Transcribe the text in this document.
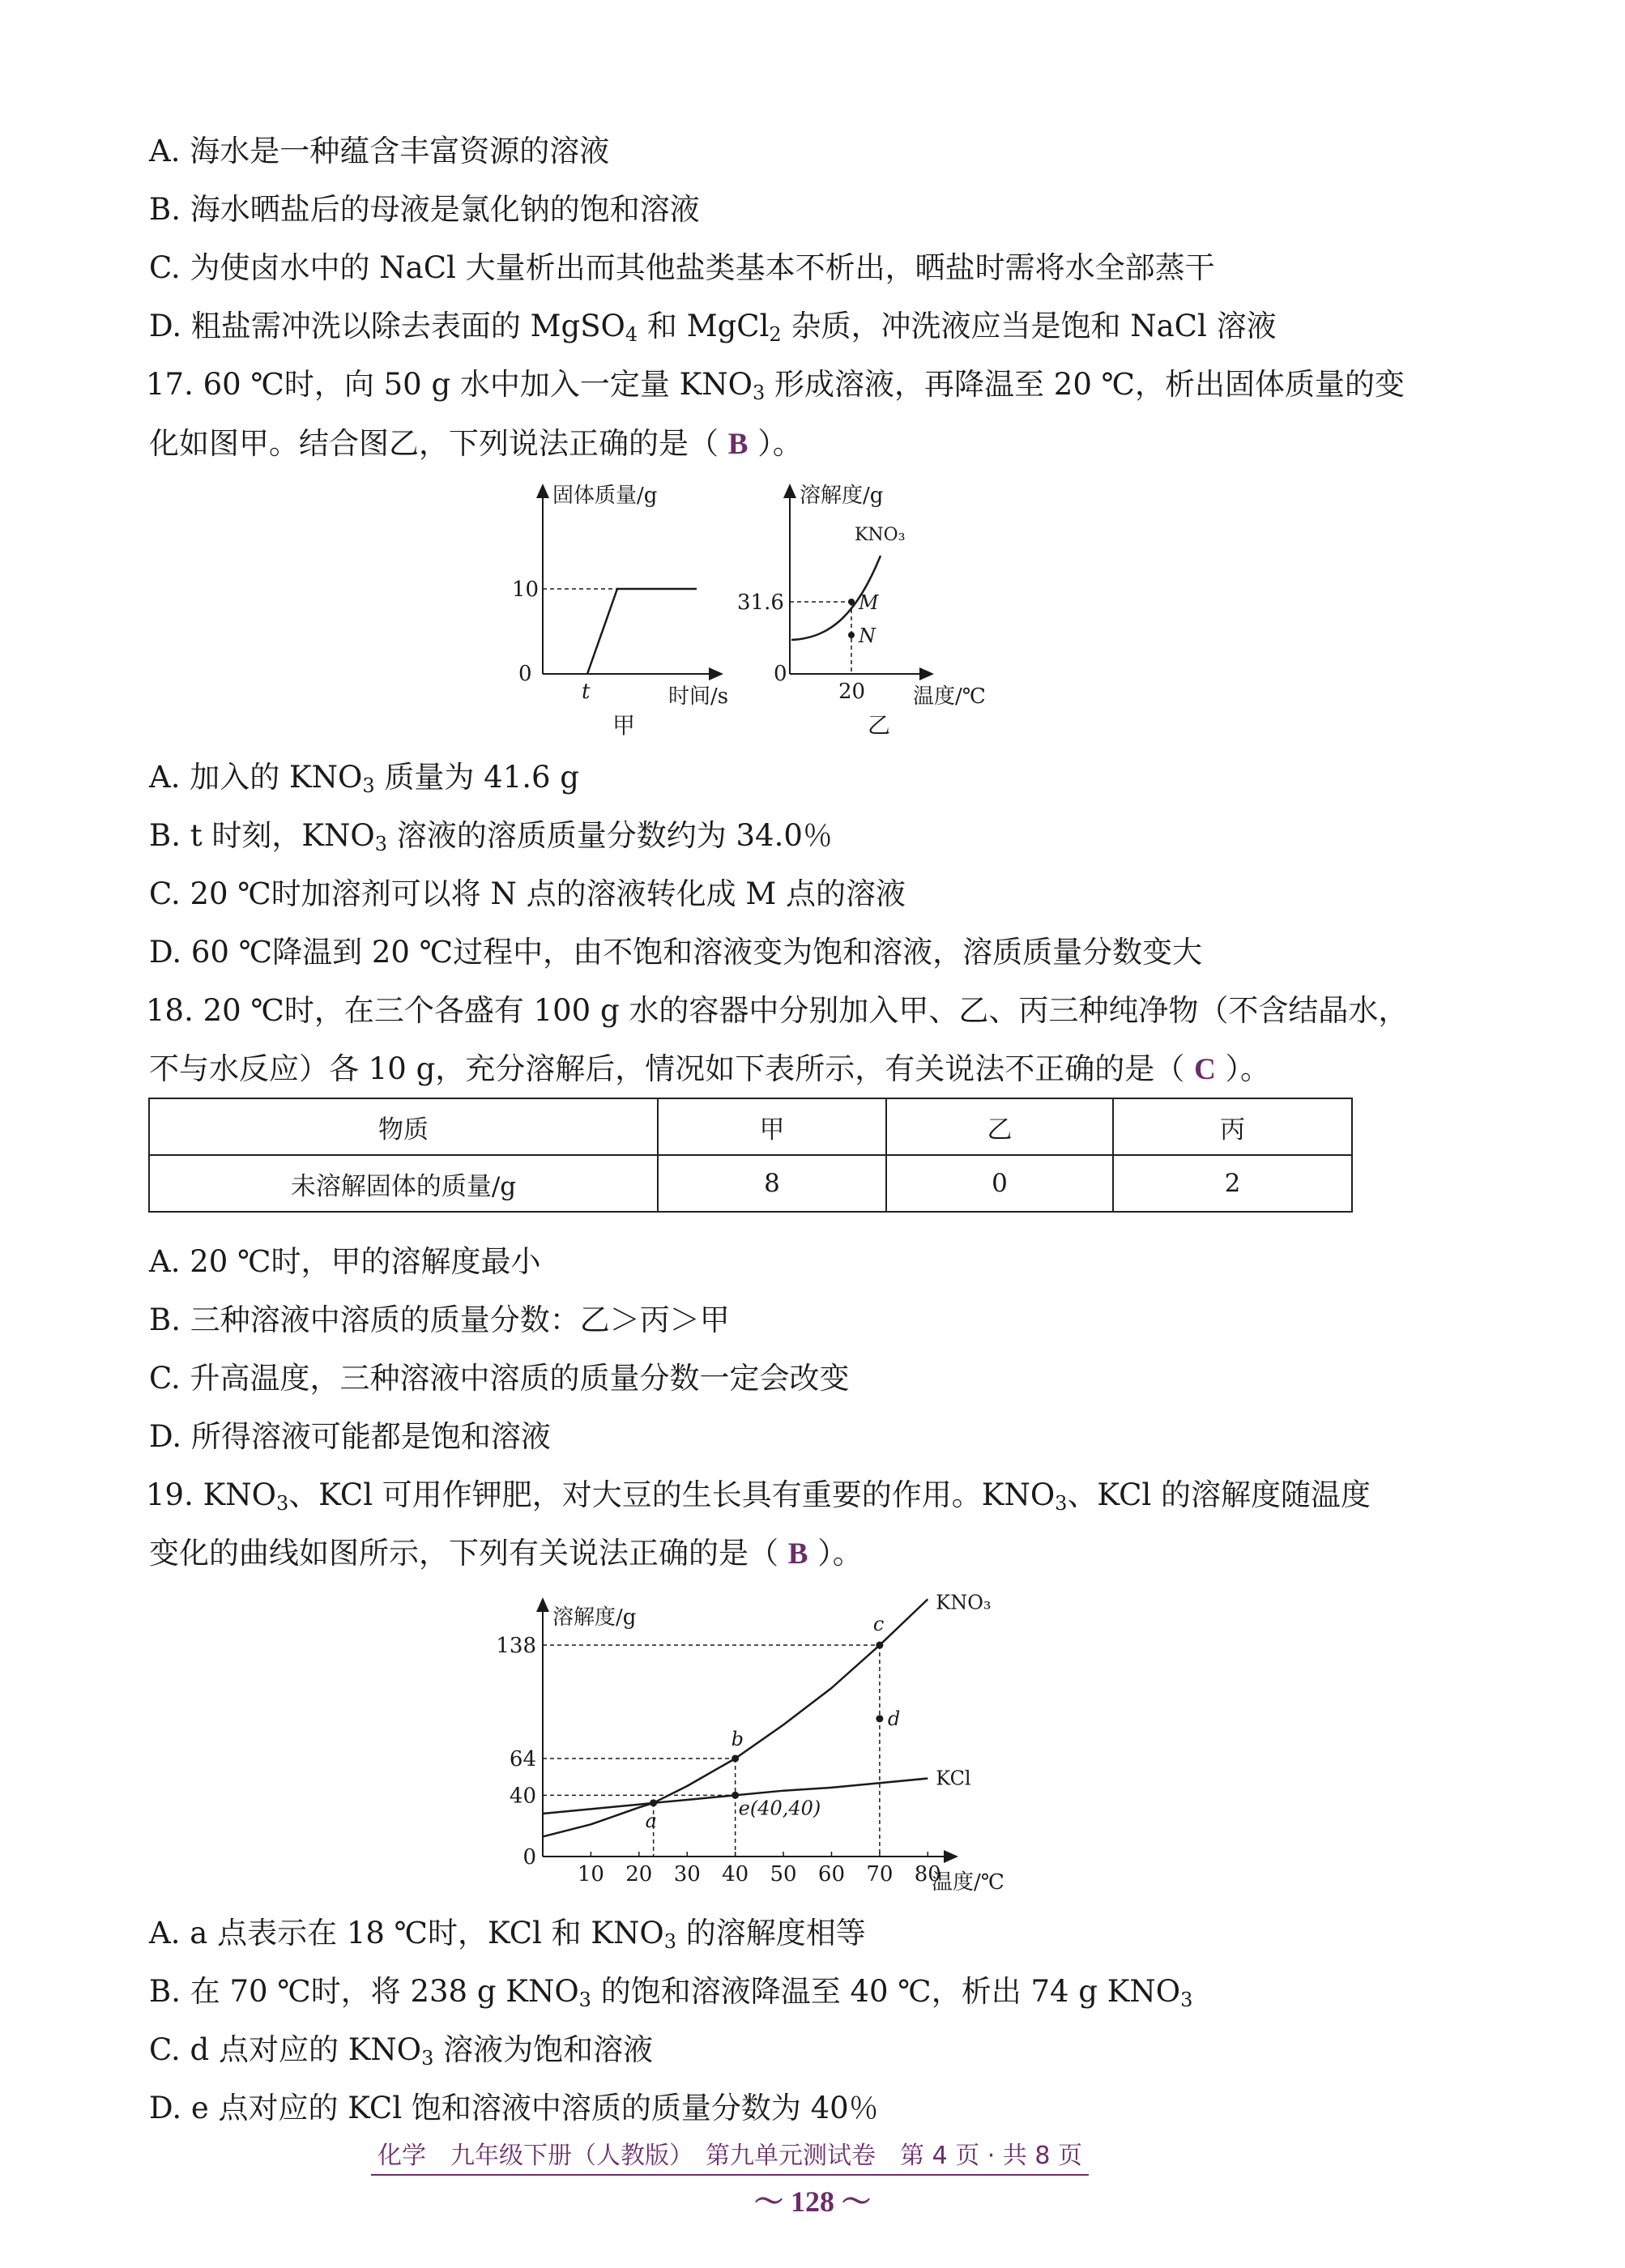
A. 海水是一种蕴含丰富资源的溶液
B. 海水晒盐后的母液是氯化钠的饱和溶液
C. 为使卤水中的 NaCl 大量析出而其他盐类基本不析出，晒盐时需将水全部蒸干
D. 粗盐需冲洗以除去表面的 MgSO$_4$ 和 MgCl$_2$ 杂质，冲洗液应当是饱和 NaCl 溶液
17. 60 ℃时，向 50 g 水中加入一定量 $KNO_3$ 形成溶液，再降温至 20 ℃，析出固体质量的变
化如图甲。结合图乙，下列说法正确的是（ B ）。
固体质量/g
时间/s
10
0
t
甲
溶解度/g
温度/℃
KNO₃
31.6
0
20
M
N
乙
A. 加入的 $KNO_3$ 质量为 41.6 g
B. t 时刻，$KNO_3$ 溶液的溶质质量分数约为 34.0％
C. 20 ℃时加溶剂可以将 N 点的溶液转化成 M 点的溶液
D. 60 ℃降温到 20 ℃过程中，由不饱和溶液变为饱和溶液，溶质质量分数变大
18. 20 ℃时，在三个各盛有 100 g 水的容器中分别加入甲、乙、丙三种纯净物（不含结晶水，
不与水反应）各 10 g，充分溶解后，情况如下表所示，有关说法不正确的是（ C ）。
物质	甲	乙	丙
未溶解固体的质量/g	8	0	2
A. 20 ℃时，甲的溶解度最小
B. 三种溶液中溶质的质量分数：乙＞丙＞甲
C. 升高温度，三种溶液中溶质的质量分数一定会改变
D. 所得溶液可能都是饱和溶液
19. $KNO_3$、KCl 可用作钾肥，对大豆的生长具有重要的作用。$KNO_3$、KCl 的溶解度随温度
变化的曲线如图所示，下列有关说法正确的是（ B ）。
溶解度/g
温度/℃
10 20 30 40 50 60 70 80
0
40
64
138
KNO₃
KCl
a
b
c
d
e(40,40)
A. a 点表示在 18 ℃时，KCl 和 $KNO_3$ 的溶解度相等
B. 在 70 ℃时，将 238 g $KNO_3$ 的饱和溶液降温至 40 ℃，析出 74 g $KNO_3$
C. d 点对应的 $KNO_3$ 溶液为饱和溶液
D. e 点对应的 KCl 饱和溶液中溶质的质量分数为 40％
化学　九年级下册（人教版）　第九单元测试卷　第 4 页 · 共 8 页
～ 128 ～
